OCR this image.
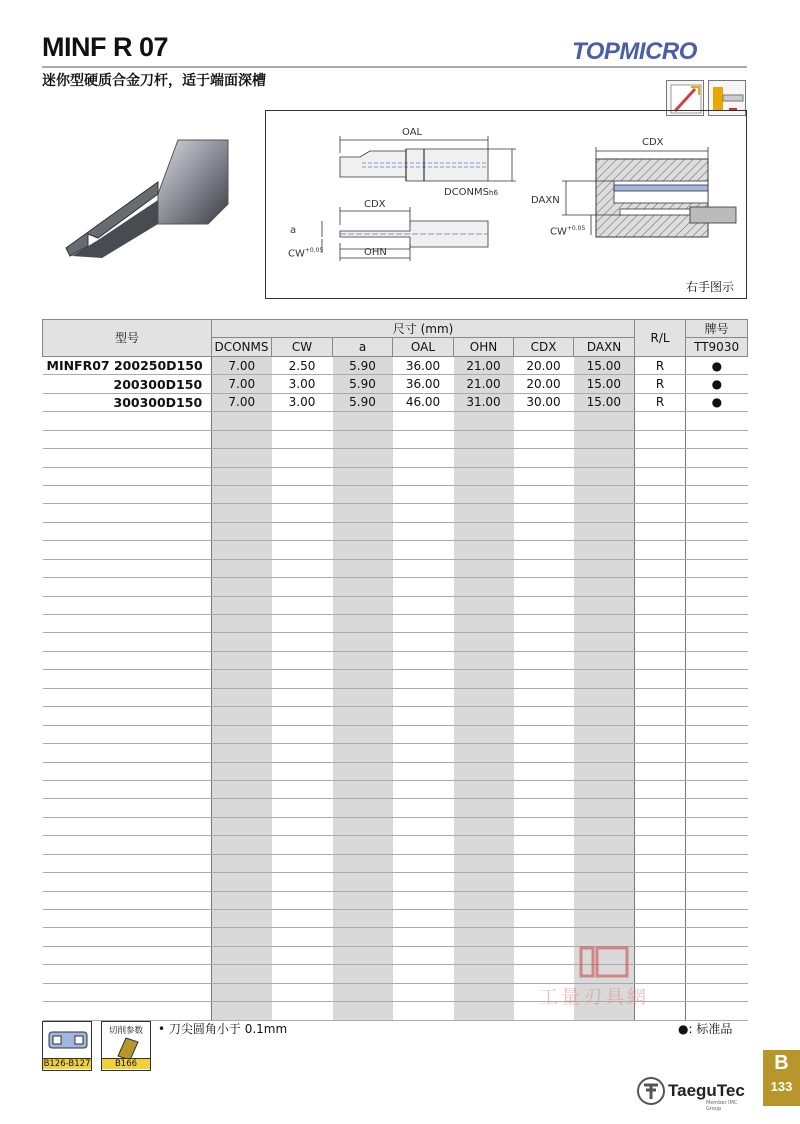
MINF R 07
迷你型硬质合金刀杆，适于端面深槽
TOPMICRO
OAL
DCONMSh6
CDX
a
$CW^{+0.05}$	OHN
CDX
DAXN
$CW^{+0.05}$
右手图示
型号	尺寸 (mm)							R/L	牌号
	DCONMS	CW	a	OAL	OHN	CDX	DAXN		TT9030
MINFR07 200250D150	7.00	2.50	5.90	36.00	21.00	20.00	15.00	R	●
200300D150	7.00	3.00	5.90	36.00	21.00	20.00	15.00	R	●
300300D150	7.00	3.00	5.90	46.00	31.00	30.00	15.00	R	●

工量刃具網
B126-B127
切削参数
B166
• 刀尖圆角小于 0.1mm	●: 标准品
TaeguTec
Member IMC Group
B
133
